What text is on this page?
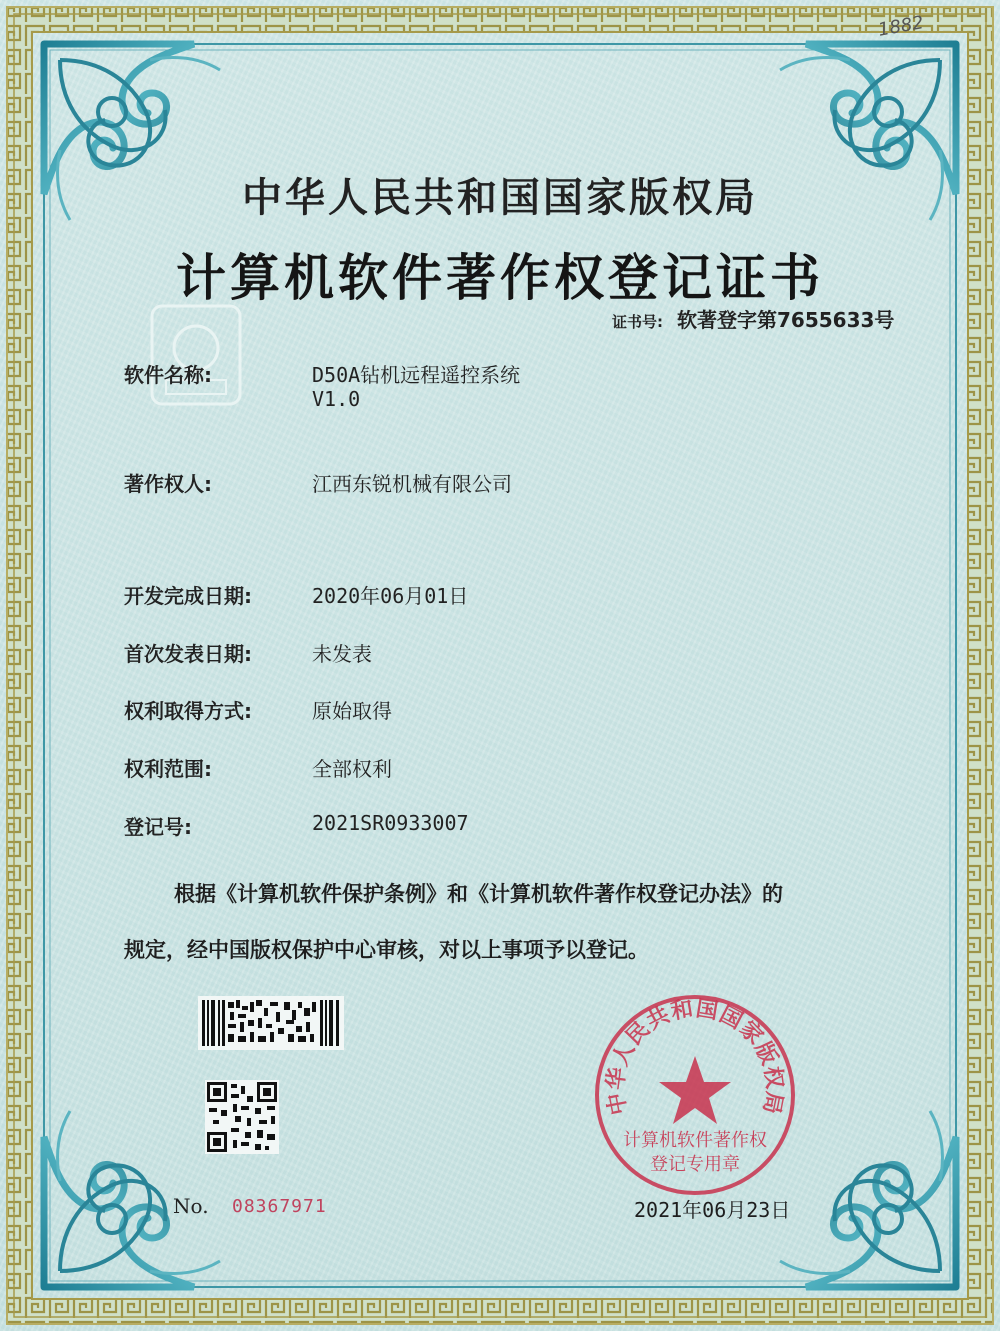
1882
中华人民共和国国家版权局
计算机软件著作权登记证书
证书号: 软著登字第7655633号
软件名称:	D50A钻机远程遥控系统
V1.0
著作权人:	江西东锐机械有限公司
开发完成日期:	2020年06月01日
首次发表日期:	未发表
权利取得方式:	原始取得
权利范围:	全部权利
登记号:	2021SR0933007
根据《计算机软件保护条例》和《计算机软件著作权登记办法》的
规定，经中国版权保护中心审核，对以上事项予以登记。
No. 08367971
中华人民共和国国家版权局
计算机软件著作权
登记专用章
2021年06月23日
